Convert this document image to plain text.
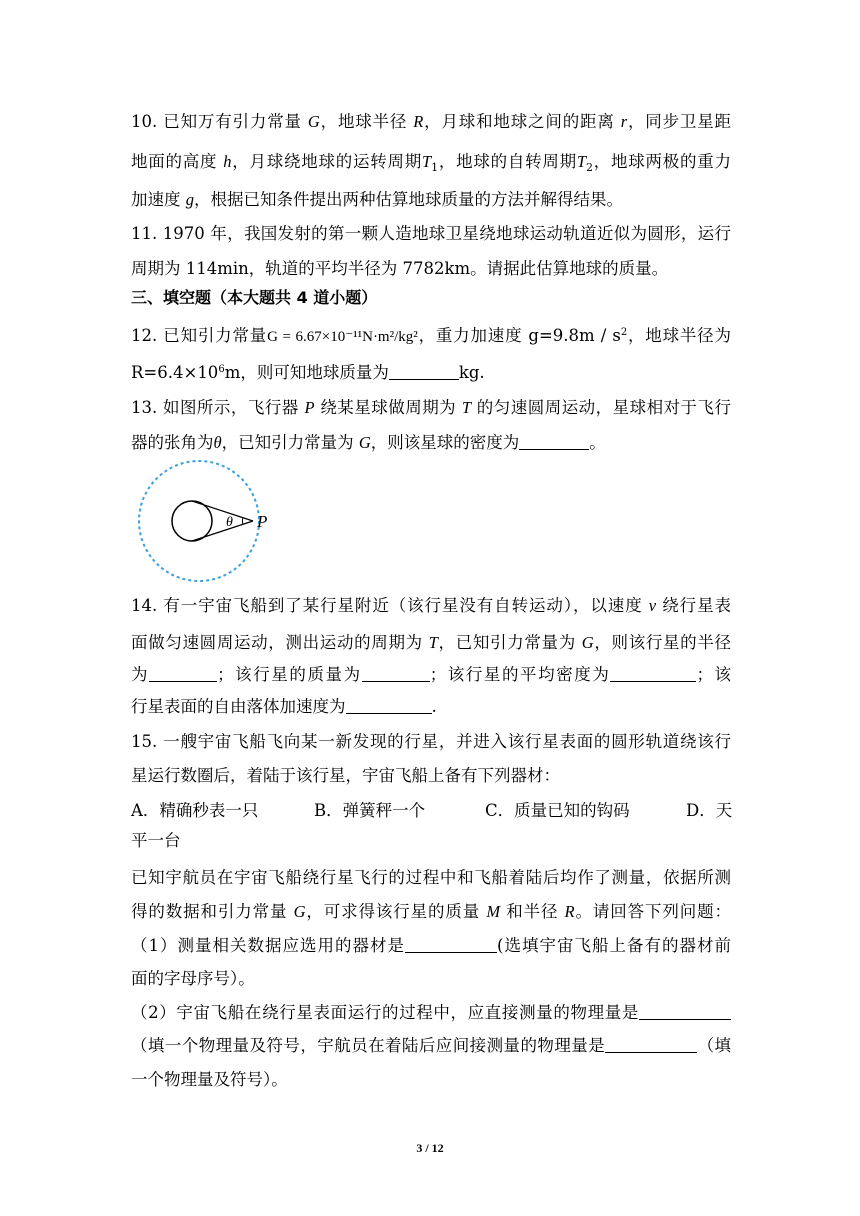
10. 已知万有引力常量 G，地球半径 R，月球和地球之间的距离 r，同步卫星距
地面的高度 h，月球绕地球的运转周期$T_1$，地球的自转周期$T_2$，地球两极的重力
加速度 g，根据已知条件提出两种估算地球质量的方法并解得结果。
11. 1970 年，我国发射的第一颗人造地球卫星绕地球运动轨道近似为圆形，运行
周期为 114min，轨道的平均半径为 7782km。请据此估算地球的质量。
三、填空题（本大题共 4 道小题）
12. 已知引力常量G = 6.67×10⁻¹¹N·m²/kg²，重力加速度 $g=9.8m / s^2$，地球半径为
$R=6.4\times 10^6m$，则可知地球质量为	kg.
13. 如图所示，飞行器 P 绕某星球做周期为 T 的匀速圆周运动，星球相对于飞行
器的张角为θ，已知引力常量为 G，则该星球的密度为	。
θ P
14. 有一宇宙飞船到了某行星附近（该行星没有自转运动），以速度 v 绕行星表
面做匀速圆周运动，测出运动的周期为 T，已知引力常量为 G，则该行星的半径
为	；该行星的质量为	；该行星的平均密度为	；该
行星表面的自由落体加速度为	.
15. 一艘宇宙飞船飞向某一新发现的行星，并进入该行星表面的圆形轨道绕该行
星运行数圈后，着陆于该行星，宇宙飞船上备有下列器材：
A．精确秒表一只	B．弹簧秤一个	C．质量已知的钩码	D．天
平一台
已知宇航员在宇宙飞船绕行星飞行的过程中和飞船着陆后均作了测量，依据所测
得的数据和引力常量 G，可求得该行星的质量 M 和半径 R。请回答下列问题：
（1）测量相关数据应选用的器材是	(选填宇宙飞船上备有的器材前
面的字母序号）。
（2）宇宙飞船在绕行星表面运行的过程中，应直接测量的物理量是
（填一个物理量及符号，宇航员在着陆后应间接测量的物理量是	（填
一个物理量及符号）。
3 / 12
